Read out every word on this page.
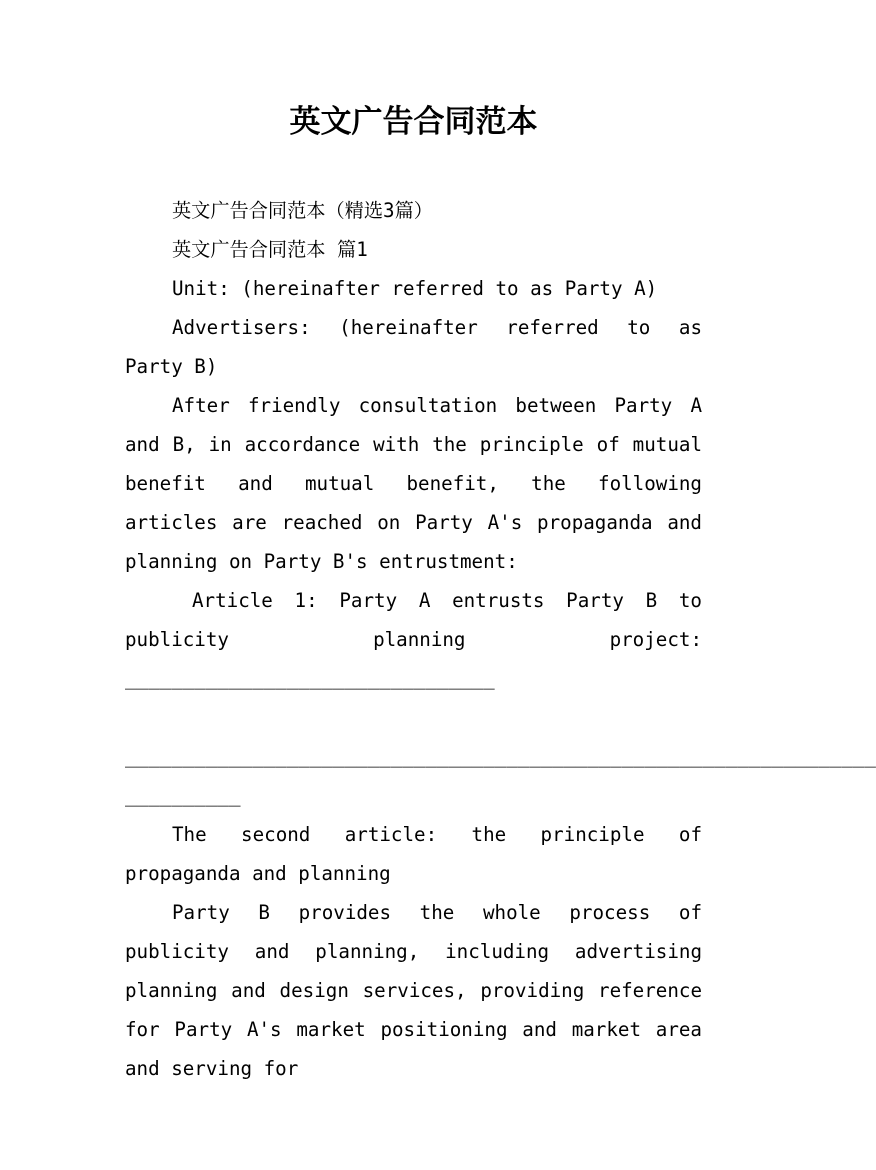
英文广告合同范本

英文广告合同范本（精选3篇）

英文广告合同范本 篇1

Unit: (hereinafter referred to as Party A)

Advertisers: (hereinafter referred to as Party B)

After friendly consultation between Party A and B, in accordance with the principle of mutual benefit and mutual benefit, the following articles are reached on Party A's propaganda and planning on Party B's entrustment:

Article 1: Party A entrusts Party B to publicity planning project:

________________________________

_________________________________________________________________

__________

The second article: the principle of propaganda and planning

Party B provides the whole process of publicity and planning, including advertising planning and design services, providing reference for Party A's market positioning and market area and serving for
